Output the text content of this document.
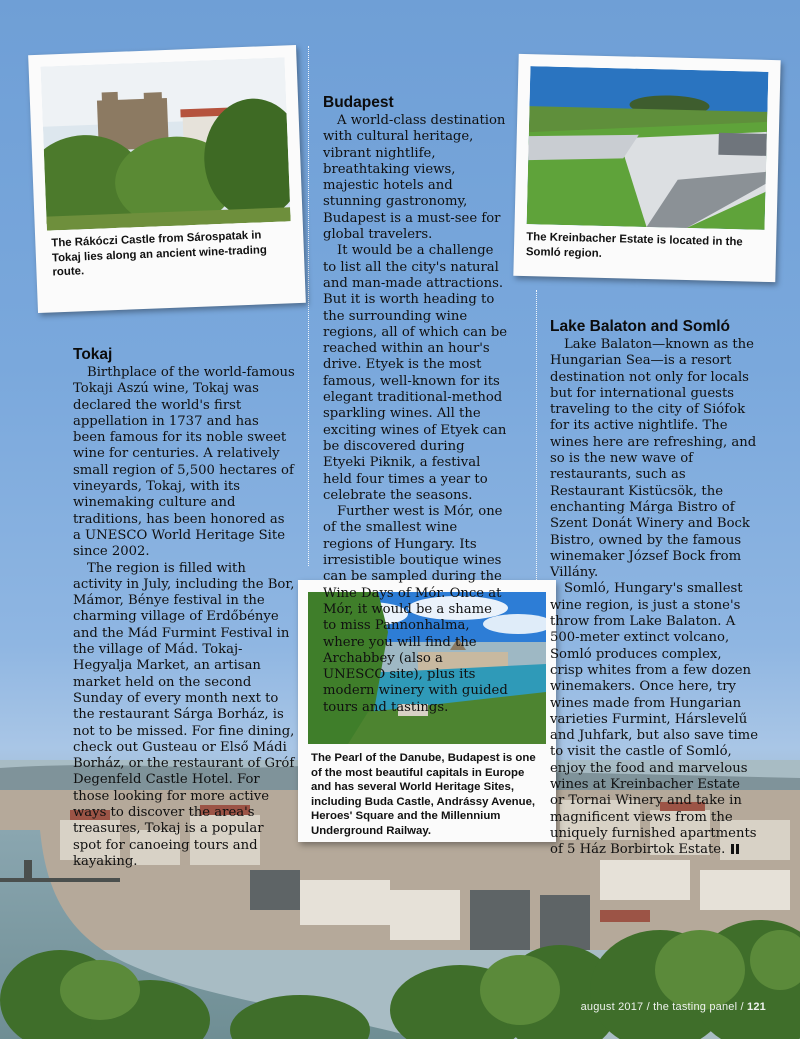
The Rákóczi Castle from Sárospatak in Tokaj lies along an ancient wine-trading route.
The Kreinbacher Estate is located in the Somló region.
The Pearl of the Danube, Budapest is one of the most beautiful capitals in Europe and has several World Heritage Sites, including Buda Castle, Andrássy Avenue, Heroes' Square and the Millennium Underground Railway.
Tokaj

Birthplace of the world-famous Tokaji Aszú wine, Tokaj was declared the world's first appellation in 1737 and has been famous for its noble sweet wine for centuries. A relatively small region of 5,500 hectares of vineyards, Tokaj, with its winemaking culture and traditions, has been honored as a UNESCO World Heritage Site since 2002.

The region is filled with activity in July, including the Bor, Mámor, Bénye festival in the charming village of Erdőbénye and the Mád Furmint Festival in the village of Mád. Tokaj-Hegyalja Market, an artisan market held on the second Sunday of every month next to the restaurant Sárga Borház, is not to be missed. For fine dining, check out Gusteau or Első Mádi Borház, or the restaurant of Gróf Degenfeld Castle Hotel. For those looking for more active ways to discover the area's treasures, Tokaj is a popular spot for canoeing tours and kayaking.

Budapest

A world-class destination with cultural heritage, vibrant nightlife, breathtaking views, majestic hotels and stunning gastronomy, Budapest is a must-see for global travelers.

It would be a challenge to list all the city's natural and man-made attractions. But it is worth heading to the surrounding wine regions, all of which can be reached within an hour's drive. Etyek is the most famous, well-known for its elegant traditional-method sparkling wines. All the exciting wines of Etyek can be discovered during Etyeki Piknik, a festival held four times a year to celebrate the seasons.

Further west is Mór, one of the smallest wine regions of Hungary. Its irresistible boutique wines can be sampled during the Wine Days of Mór. Once at Mór, it would be a shame to miss Pannonhalma, where you will find the Archabbey (also a UNESCO site), plus its modern winery with guided tours and tastings.

Lake Balaton and Somló

Lake Balaton—known as the Hungarian Sea—is a resort destination not only for locals but for international guests traveling to the city of Siófok for its active nightlife. The wines here are refreshing, and so is the new wave of restaurants, such as Restaurant Kistücsök, the enchanting Márga Bistro of Szent Donát Winery and Bock Bistro, owned by the famous winemaker József Bock from Villány.

Somló, Hungary's smallest wine region, is just a stone's throw from Lake Balaton. A 500-meter extinct volcano, Somló produces complex, crisp whites from a few dozen winemakers. Once here, try wines made from Hungarian varieties Furmint, Hárslevelű and Juhfark, but also save time to visit the castle of Somló, enjoy the food and marvelous wines at Kreinbacher Estate or Tornai Winery and take in magnificent views from the uniquely furnished apartments of 5 Ház Borbirtok Estate.

august 2017 / the tasting panel / 121
